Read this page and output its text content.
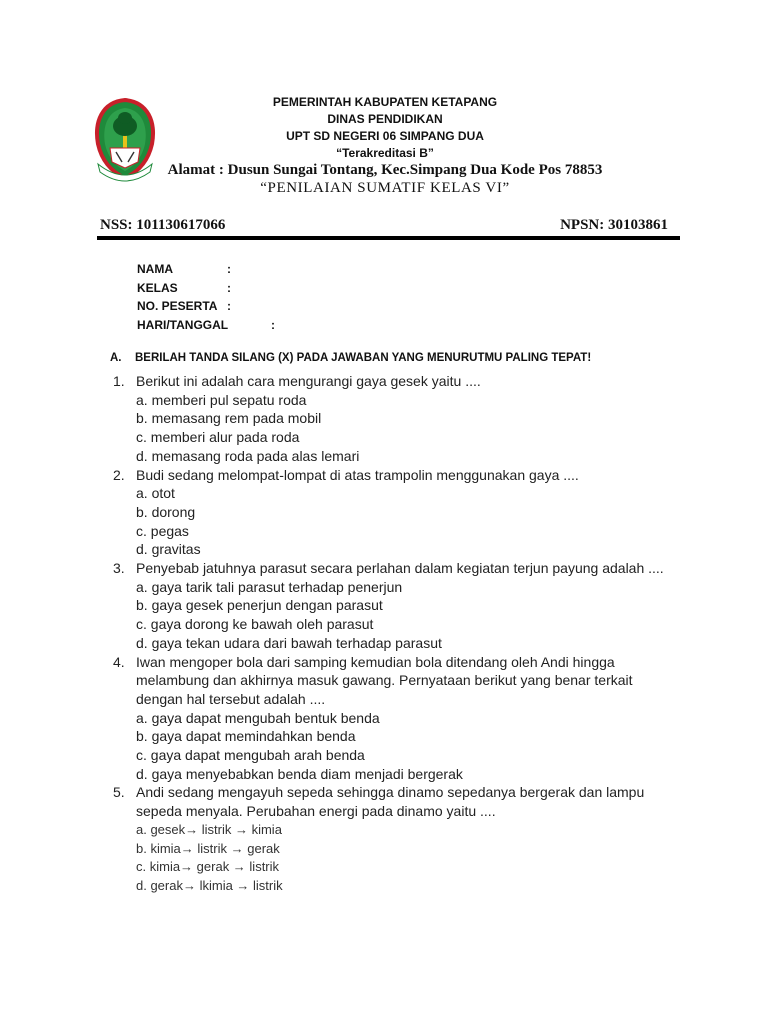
PEMERINTAH KABUPATEN KETAPANG
DINAS PENDIDIKAN
UPT SD NEGERI 06 SIMPANG DUA
“Terakreditasi B”
Alamat : Dusun Sungai Tontang, Kec.Simpang Dua Kode Pos 78853
“PENILAIAN SUMATIF KELAS VI”
NSS: 101130617066	NPSN: 30103861
NAMA	:
KELAS	:
NO. PESERTA :
HARI/TANGGAL	:
A. BERILAH TANDA SILANG (X) PADA JAWABAN YANG MENURUTMU PALING TEPAT!
1. Berikut ini adalah cara mengurangi gaya gesek yaitu ....
a. memberi pul sepatu roda
b. memasang rem pada mobil
c. memberi alur pada roda
d. memasang roda pada alas lemari
2. Budi sedang melompat-lompat di atas trampolin menggunakan gaya ....
a. otot
b. dorong
c. pegas
d. gravitas
3. Penyebab jatuhnya parasut secara perlahan dalam kegiatan terjun payung adalah ....
a. gaya tarik tali parasut terhadap penerjun
b. gaya gesek penerjun dengan parasut
c. gaya dorong ke bawah oleh parasut
d. gaya tekan udara dari bawah terhadap parasut
4. Iwan mengoper bola dari samping kemudian bola ditendang oleh Andi hingga melambung dan akhirnya masuk gawang. Pernyataan berikut yang benar terkait dengan hal tersebut adalah ....
a. gaya dapat mengubah bentuk benda
b. gaya dapat memindahkan benda
c. gaya dapat mengubah arah benda
d. gaya menyebabkan benda diam menjadi bergerak
5. Andi sedang mengayuh sepeda sehingga dinamo sepedanya bergerak dan lampu sepeda menyala. Perubahan energi pada dinamo yaitu ....
a. gesek→ listrik → kimia
b. kimia→ listrik → gerak
c. kimia→ gerak → listrik
d. gerak→ lkimia → listrik
